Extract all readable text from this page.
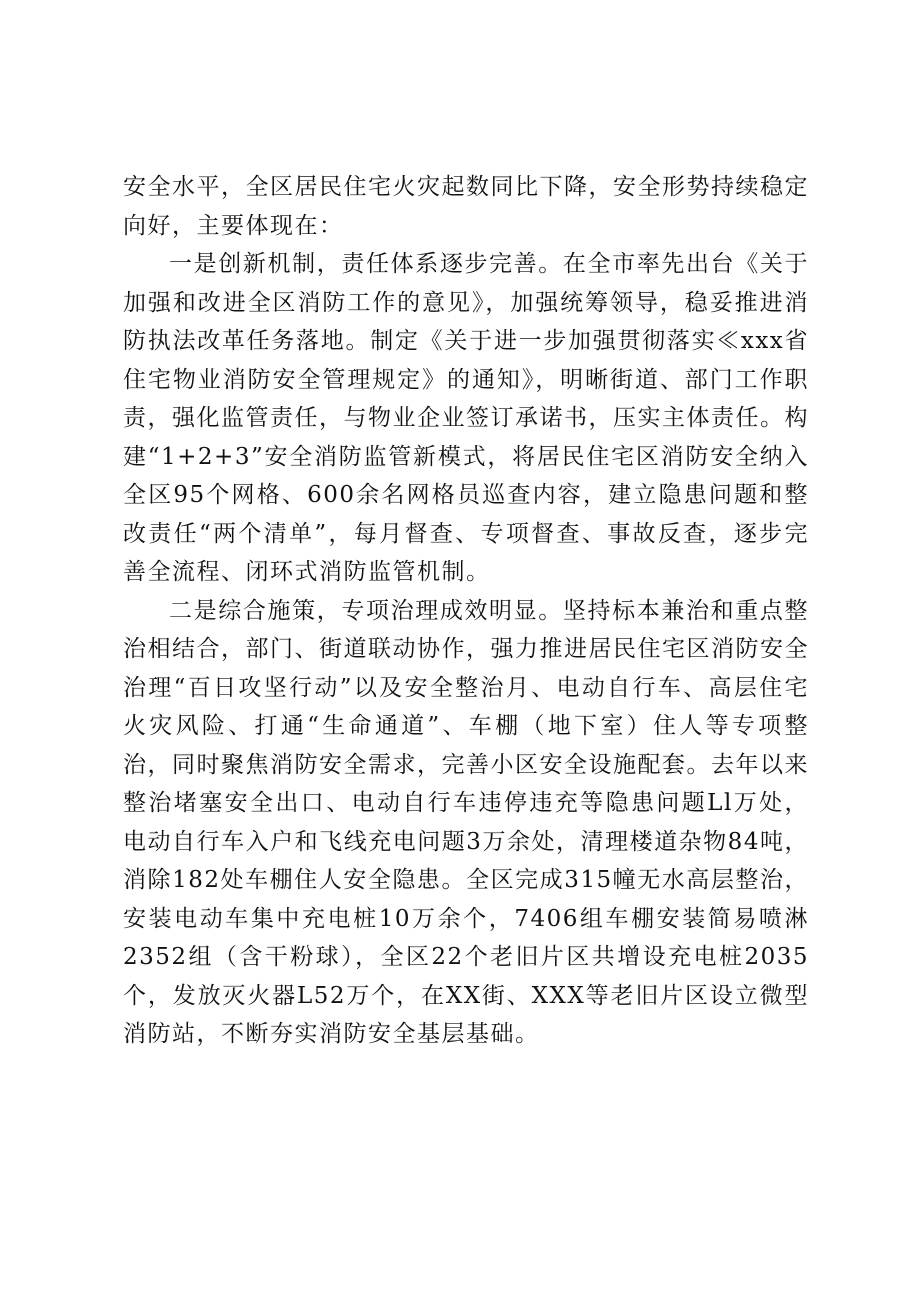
安全水平，全区居民住宅火灾起数同比下降，安全形势持续稳定向好，主要体现在：

一是创新机制，责任体系逐步完善。在全市率先出台《关于加强和改进全区消防工作的意见》，加强统筹领导，稳妥推进消防执法改革任务落地。制定《关于进一步加强贯彻落实≪xxx省住宅物业消防安全管理规定》的通知》，明晰街道、部门工作职责，强化监管责任，与物业企业签订承诺书，压实主体责任。构建“1+2+3”安全消防监管新模式，将居民住宅区消防安全纳入全区95个网格、600余名网格员巡查内容，建立隐患问题和整改责任“两个清单”，每月督查、专项督查、事故反查，逐步完善全流程、闭环式消防监管机制。

二是综合施策，专项治理成效明显。坚持标本兼治和重点整治相结合，部门、街道联动协作，强力推进居民住宅区消防安全治理“百日攻坚行动”以及安全整治月、电动自行车、高层住宅火灾风险、打通“生命通道”、车棚（地下室）住人等专项整治，同时聚焦消防安全需求，完善小区安全设施配套。去年以来整治堵塞安全出口、电动自行车违停违充等隐患问题Ll万处，电动自行车入户和飞线充电问题3万余处，清理楼道杂物84吨，消除182处车棚住人安全隐患。全区完成315幢无水高层整治，安装电动车集中充电桩10万余个，7406组车棚安装简易喷淋2352组（含干粉球），全区22个老旧片区共增设充电桩2035个，发放灭火器L52万个，在XX街、XXX等老旧片区设立微型消防站，不断夯实消防安全基层基础。
